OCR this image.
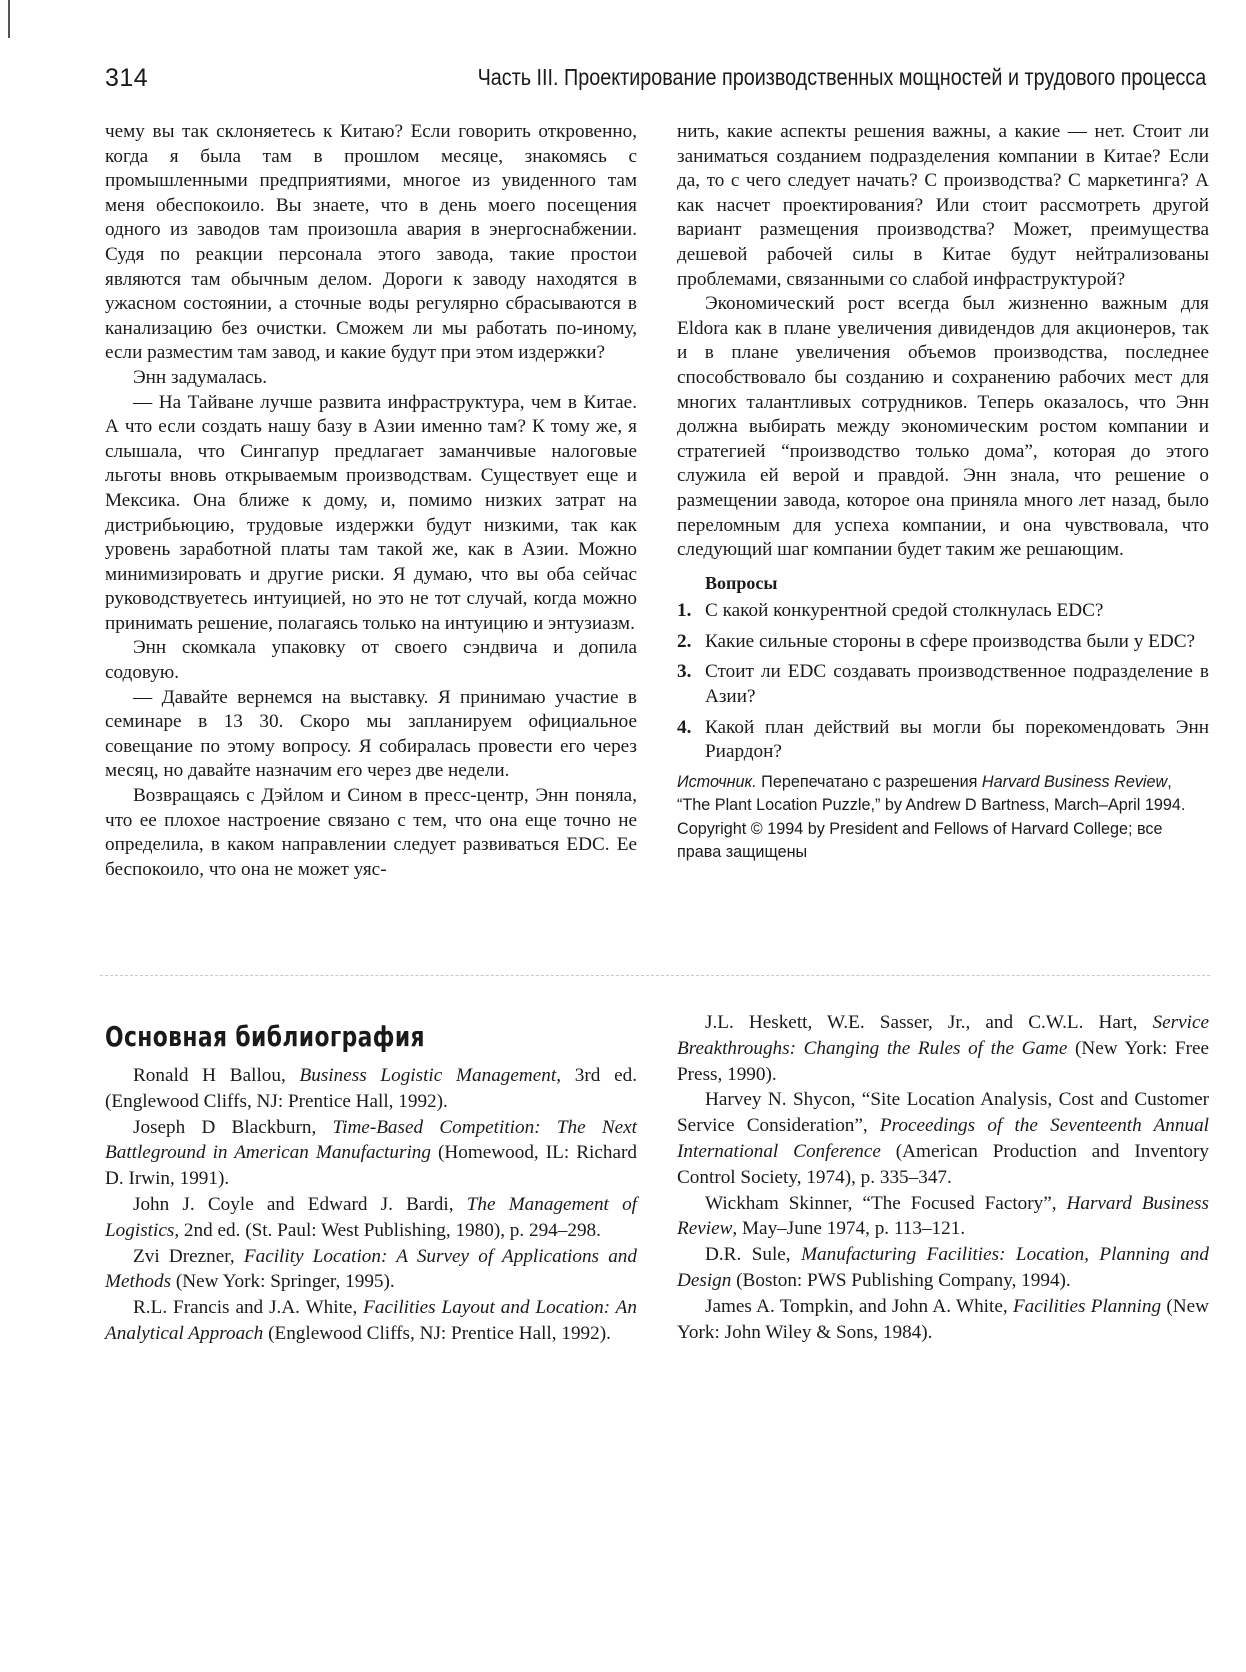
314	Часть III. Проектирование производственных мощностей и трудового процесса

чему вы так склоняетесь к Китаю? Если говорить откровенно, когда я была там в прошлом месяце, знакомясь с промышленными предприятиями, многое из увиденного там меня обеспокоило. Вы знаете, что в день моего посещения одного из заводов там произошла авария в энергоснабжении. Судя по реакции персонала этого завода, такие простои являются там обычным делом. Дороги к заводу находятся в ужасном состоянии, а сточные воды регулярно сбрасываются в канализацию без очистки. Сможем ли мы работать по-иному, если разместим там завод, и какие будут при этом издержки?

Энн задумалась.

— На Тайване лучше развита инфраструктура, чем в Китае. А что если создать нашу базу в Азии именно там? К тому же, я слышала, что Сингапур предлагает заманчивые налоговые льготы вновь открываемым производствам. Существует еще и Мексика. Она ближе к дому, и, помимо низких затрат на дистрибьюцию, трудовые издержки будут низкими, так как уровень заработной платы там такой же, как в Азии. Можно минимизировать и другие риски. Я думаю, что вы оба сейчас руководствуетесь интуицией, но это не тот случай, когда можно принимать решение, полагаясь только на интуицию и энтузиазм.

Энн скомкала упаковку от своего сэндвича и допила содовую.

— Давайте вернемся на выставку. Я принимаю участие в семинаре в 13 30. Скоро мы запланируем официальное совещание по этому вопросу. Я собиралась провести его через месяц, но давайте назначим его через две недели.

Возвращаясь с Дэйлом и Сином в пресс-центр, Энн поняла, что ее плохое настроение связано с тем, что она еще точно не определила, в каком направлении следует развиваться EDC. Ее беспокоило, что она не может уяс-

нить, какие аспекты решения важны, а какие — нет. Стоит ли заниматься созданием подразделения компании в Китае? Если да, то с чего следует начать? С производства? С маркетинга? А как насчет проектирования? Или стоит рассмотреть другой вариант размещения производства? Может, преимущества дешевой рабочей силы в Китае будут нейтрализованы проблемами, связанными со слабой инфраструктурой?

Экономический рост всегда был жизненно важным для Eldora как в плане увеличения дивидендов для акционеров, так и в плане увеличения объемов производства, последнее способствовало бы созданию и сохранению рабочих мест для многих талантливых сотрудников. Теперь оказалось, что Энн должна выбирать между экономическим ростом компании и стратегией “производство только дома”, которая до этого служила ей верой и правдой. Энн знала, что решение о размещении завода, которое она приняла много лет назад, было переломным для успеха компании, и она чувствовала, что следующий шаг компании будет таким же решающим.

Вопросы
1. С какой конкурентной средой столкнулась EDC?
2. Какие сильные стороны в сфере производства были у EDC?
3. Стоит ли EDC создавать производственное подразделение в Азии?
4. Какой план действий вы могли бы порекомендовать Энн Риардон?
Источник. Перепечатано с разрешения Harvard Business Review, “The Plant Location Puzzle,” by Andrew D Bartness, March–April 1994. Copyright © 1994 by President and Fellows of Harvard College; все права защищены
Основная библиография

Ronald H Ballou, Business Logistic Management, 3rd ed. (Englewood Cliffs, NJ: Prentice Hall, 1992).

Joseph D Blackburn, Time-Based Competition: The Next Battleground in American Manufacturing (Homewood, IL: Richard D. Irwin, 1991).

John J. Coyle and Edward J. Bardi, The Management of Logistics, 2nd ed. (St. Paul: West Publishing, 1980), p. 294–298.

Zvi Drezner, Facility Location: A Survey of Applications and Methods (New York: Springer, 1995).

R.L. Francis and J.A. White, Facilities Layout and Location: An Analytical Approach (Englewood Cliffs, NJ: Prentice Hall, 1992).

J.L. Heskett, W.E. Sasser, Jr., and C.W.L. Hart, Service Breakthroughs: Changing the Rules of the Game (New York: Free Press, 1990).

Harvey N. Shycon, “Site Location Analysis, Cost and Customer Service Consideration”, Proceedings of the Seventeenth Annual International Conference (American Production and Inventory Control Society, 1974), p. 335–347.

Wickham Skinner, “The Focused Factory”, Harvard Business Review, May–June 1974, p. 113–121.

D.R. Sule, Manufacturing Facilities: Location, Planning and Design (Boston: PWS Publishing Company, 1994).

James A. Tompkin, and John A. White, Facilities Planning (New York: John Wiley & Sons, 1984).
